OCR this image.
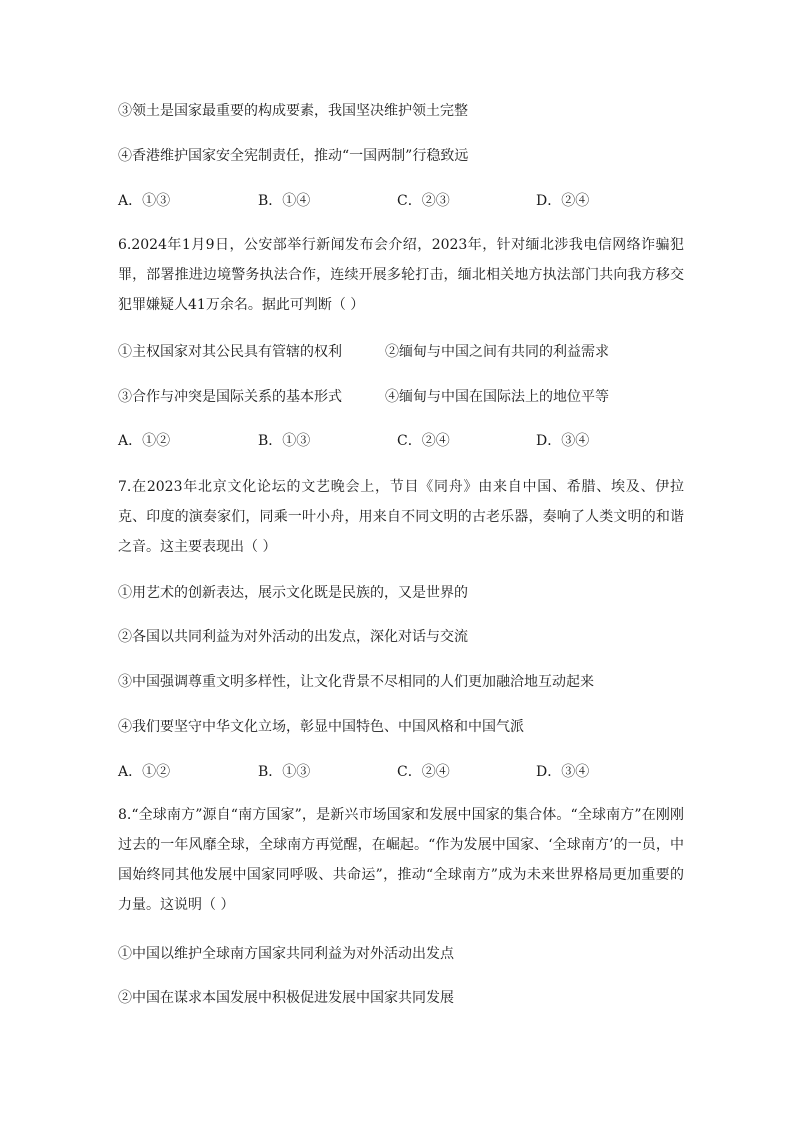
③领土是国家最重要的构成要素，我国坚决维护领土完整
④香港维护国家安全宪制责任，推动“一国两制”行稳致远
A．①③	B．①④	C．②③	D．②④
6.2024年1月9日，公安部举行新闻发布会介绍，2023年，针对缅北涉我电信网络诈骗犯罪，部署推进边境警务执法合作，连续开展多轮打击，缅北相关地方执法部门共向我方移交犯罪嫌疑人41万余名。据此可判断（ ）
①主权国家对其公民具有管辖的权利	②缅甸与中国之间有共同的利益需求
③合作与冲突是国际关系的基本形式	④缅甸与中国在国际法上的地位平等
A．①②	B．①③	C．②④	D．③④
7.在2023年北京文化论坛的文艺晚会上，节目《同舟》由来自中国、希腊、埃及、伊拉克、印度的演奏家们，同乘一叶小舟，用来自不同文明的古老乐器，奏响了人类文明的和谐之音。这主要表现出（ ）
①用艺术的创新表达，展示文化既是民族的，又是世界的
②各国以共同利益为对外活动的出发点，深化对话与交流
③中国强调尊重文明多样性，让文化背景不尽相同的人们更加融洽地互动起来
④我们要坚守中华文化立场，彰显中国特色、中国风格和中国气派
A．①②	B．①③	C．②④	D．③④
8.“全球南方”源自“南方国家”，是新兴市场国家和发展中国家的集合体。“全球南方”在刚刚过去的一年风靡全球，全球南方再觉醒，在崛起。“作为发展中国家、‘全球南方’的一员，中国始终同其他发展中国家同呼吸、共命运”，推动“全球南方”成为未来世界格局更加重要的力量。这说明（ ）
①中国以维护全球南方国家共同利益为对外活动出发点
②中国在谋求本国发展中积极促进发展中国家共同发展
